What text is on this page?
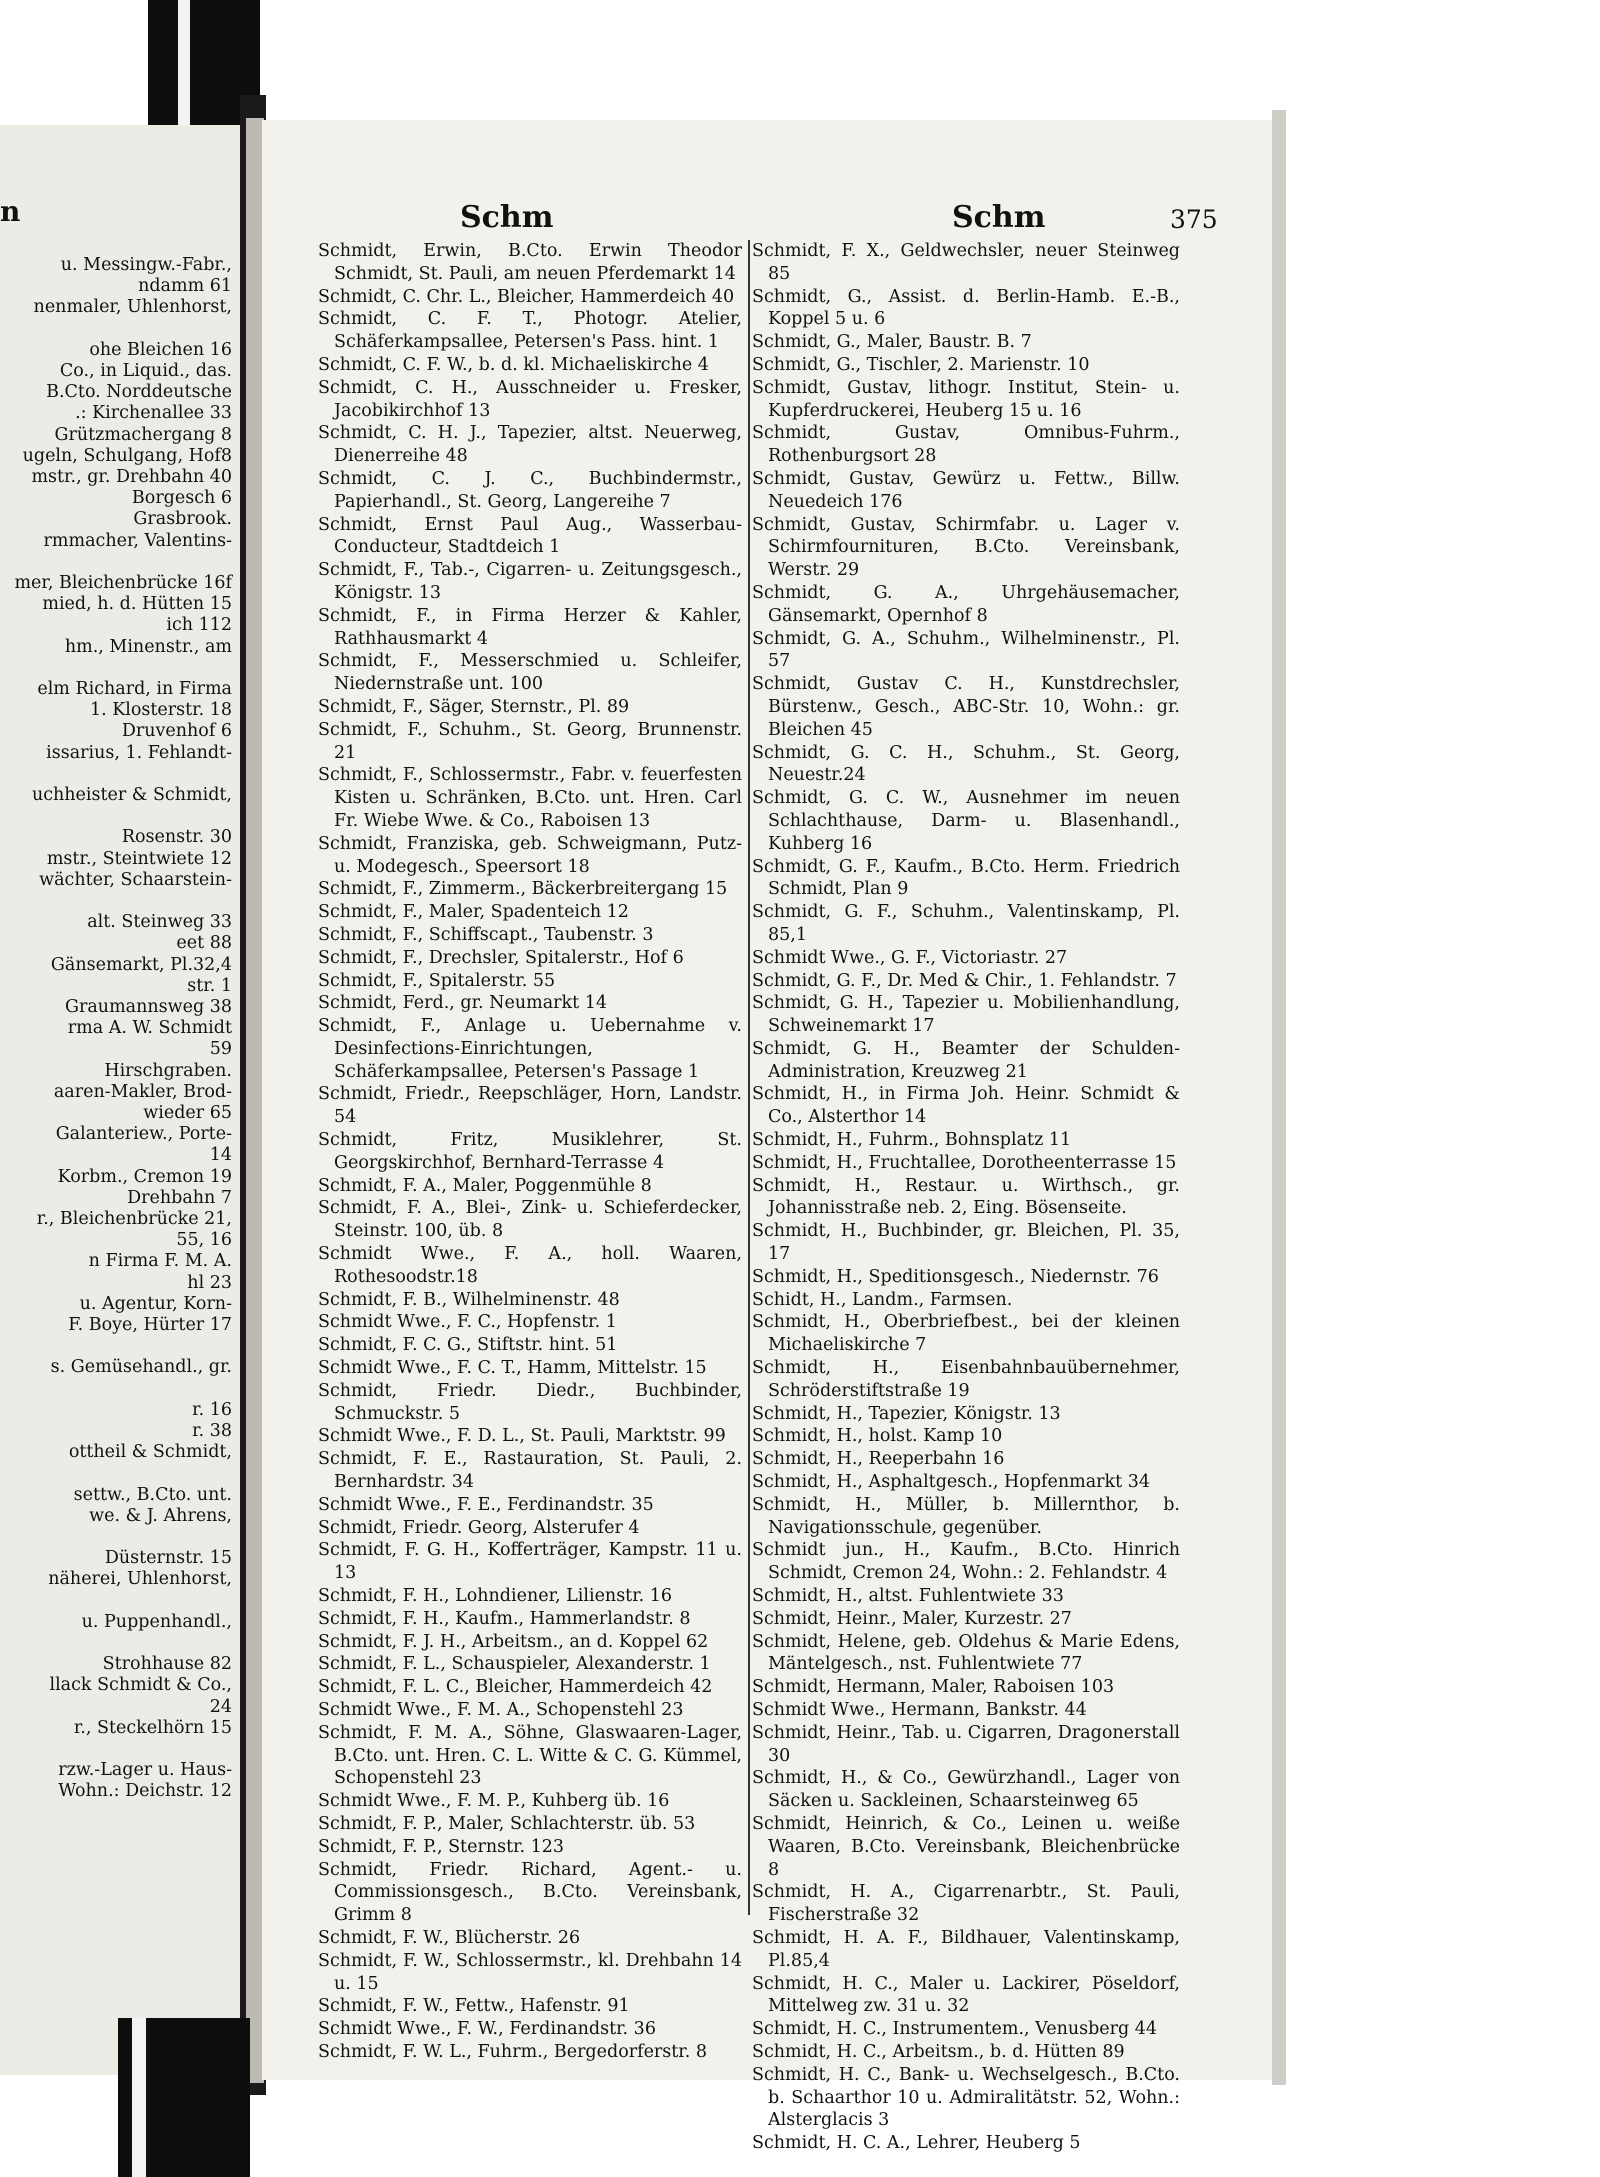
n
u. Messingw.-Fabr.,
ndamm 61
nenmaler, Uhlenhorst,
ohe Bleichen 16
Co., in Liquid., das.
B.Cto. Norddeutsche
.: Kirchenallee 33
Grützmachergang 8
ugeln, Schulgang, Hof8
mstr., gr. Drehbahn 40
Borgesch 6
Grasbrook.
rmmacher, Valentins-
mer, Bleichenbrücke 16f
mied, h. d. Hütten 15
ich 112
hm., Minenstr., am
elm Richard, in Firma
1. Klosterstr. 18
Druvenhof 6
issarius, 1. Fehlandt-
uchheister & Schmidt,
Rosenstr. 30
mstr., Steintwiete 12
wächter, Schaarstein-
alt. Steinweg 33
eet 88
Gänsemarkt, Pl.32,4
str. 1
Graumannsweg 38
rma A. W. Schmidt
59
Hirschgraben.
aaren-Makler, Brod-
wieder 65
Galanteriew., Porte-
14
Korbm., Cremon 19
Drehbahn 7
r., Bleichenbrücke 21,
55, 16
n Firma F. M. A.
hl 23
u. Agentur, Korn-
F. Boye, Hürter 17
s. Gemüsehandl., gr.
r. 16
r. 38
ottheil & Schmidt,
settw., B.Cto. unt.
we. & J. Ahrens,
Düsternstr. 15
näherei, Uhlenhorst,
u. Puppenhandl.,
Strohhause 82
llack Schmidt & Co.,
24
r., Steckelhörn 15
rzw.-Lager u. Haus-
Wohn.: Deichstr. 12
Schm	Schm	375

Schmidt, Erwin, B.Cto. Erwin Theodor Schmidt, St. Pauli, am neuen Pferdemarkt 14

Schmidt, C. Chr. L., Bleicher, Hammerdeich 40

Schmidt, C. F. T., Photogr. Atelier, Schäferkampsallee, Petersen's Pass. hint. 1

Schmidt, C. F. W., b. d. kl. Michaeliskirche 4

Schmidt, C. H., Ausschneider u. Fresker, Jacobikirchhof 13

Schmidt, C. H. J., Tapezier, altst. Neuerweg, Dienerreihe 48

Schmidt, C. J. C., Buchbindermstr., Papierhandl., St. Georg, Langereihe 7

Schmidt, Ernst Paul Aug., Wasserbau-Conducteur, Stadtdeich 1

Schmidt, F., Tab.-, Cigarren- u. Zeitungsgesch., Königstr. 13

Schmidt, F., in Firma Herzer & Kahler, Rathhausmarkt 4

Schmidt, F., Messerschmied u. Schleifer, Niedernstraße unt. 100

Schmidt, F., Säger, Sternstr., Pl. 89

Schmidt, F., Schuhm., St. Georg, Brunnenstr. 21

Schmidt, F., Schlossermstr., Fabr. v. feuerfesten Kisten u. Schränken, B.Cto. unt. Hren. Carl Fr. Wiebe Wwe. & Co., Raboisen 13

Schmidt, Franziska, geb. Schweigmann, Putz- u. Modegesch., Speersort 18

Schmidt, F., Zimmerm., Bäckerbreitergang 15

Schmidt, F., Maler, Spadenteich 12

Schmidt, F., Schiffscapt., Taubenstr. 3

Schmidt, F., Drechsler, Spitalerstr., Hof 6

Schmidt, F., Spitalerstr. 55

Schmidt, Ferd., gr. Neumarkt 14

Schmidt, F., Anlage u. Uebernahme v. Desinfections-Einrichtungen, Schäferkampsallee, Petersen's Passage 1

Schmidt, Friedr., Reepschläger, Horn, Landstr. 54

Schmidt, Fritz, Musiklehrer, St. Georgskirchhof, Bernhard-Terrasse 4

Schmidt, F. A., Maler, Poggenmühle 8

Schmidt, F. A., Blei-, Zink- u. Schieferdecker, Steinstr. 100, üb. 8

Schmidt Wwe., F. A., holl. Waaren, Rothesoodstr.18

Schmidt, F. B., Wilhelminenstr. 48

Schmidt Wwe., F. C., Hopfenstr. 1

Schmidt, F. C. G., Stiftstr. hint. 51

Schmidt Wwe., F. C. T., Hamm, Mittelstr. 15

Schmidt, Friedr. Diedr., Buchbinder, Schmuckstr. 5

Schmidt Wwe., F. D. L., St. Pauli, Marktstr. 99

Schmidt, F. E., Rastauration, St. Pauli, 2. Bernhardstr. 34

Schmidt Wwe., F. E., Ferdinandstr. 35

Schmidt, Friedr. Georg, Alsterufer 4

Schmidt, F. G. H., Kofferträger, Kampstr. 11 u. 13

Schmidt, F. H., Lohndiener, Lilienstr. 16

Schmidt, F. H., Kaufm., Hammerlandstr. 8

Schmidt, F. J. H., Arbeitsm., an d. Koppel 62

Schmidt, F. L., Schauspieler, Alexanderstr. 1

Schmidt, F. L. C., Bleicher, Hammerdeich 42

Schmidt Wwe., F. M. A., Schopenstehl 23

Schmidt, F. M. A., Söhne, Glaswaaren-Lager, B.Cto. unt. Hren. C. L. Witte & C. G. Kümmel, Schopenstehl 23

Schmidt Wwe., F. M. P., Kuhberg üb. 16

Schmidt, F. P., Maler, Schlachterstr. üb. 53

Schmidt, F. P., Sternstr. 123

Schmidt, Friedr. Richard, Agent.- u. Commissionsgesch., B.Cto. Vereinsbank, Grimm 8

Schmidt, F. W., Blücherstr. 26

Schmidt, F. W., Schlossermstr., kl. Drehbahn 14 u. 15

Schmidt, F. W., Fettw., Hafenstr. 91

Schmidt Wwe., F. W., Ferdinandstr. 36

Schmidt, F. W. L., Fuhrm., Bergedorferstr. 8

Schmidt, F. X., Geldwechsler, neuer Steinweg 85

Schmidt, G., Assist. d. Berlin-Hamb. E.-B., Koppel 5 u. 6

Schmidt, G., Maler, Baustr. B. 7

Schmidt, G., Tischler, 2. Marienstr. 10

Schmidt, Gustav, lithogr. Institut, Stein- u. Kupferdruckerei, Heuberg 15 u. 16

Schmidt, Gustav, Omnibus-Fuhrm., Rothenburgsort 28

Schmidt, Gustav, Gewürz u. Fettw., Billw. Neuedeich 176

Schmidt, Gustav, Schirmfabr. u. Lager v. Schirmfournituren, B.Cto. Vereinsbank, Werstr. 29

Schmidt, G. A., Uhrgehäusemacher, Gänsemarkt, Opernhof 8

Schmidt, G. A., Schuhm., Wilhelminenstr., Pl. 57

Schmidt, Gustav C. H., Kunstdrechsler, Bürstenw., Gesch., ABC-Str. 10, Wohn.: gr. Bleichen 45

Schmidt, G. C. H., Schuhm., St. Georg, Neuestr.24

Schmidt, G. C. W., Ausnehmer im neuen Schlachthause, Darm- u. Blasenhandl., Kuhberg 16

Schmidt, G. F., Kaufm., B.Cto. Herm. Friedrich Schmidt, Plan 9

Schmidt, G. F., Schuhm., Valentinskamp, Pl. 85,1

Schmidt Wwe., G. F., Victoriastr. 27

Schmidt, G. F., Dr. Med & Chir., 1. Fehlandstr. 7

Schmidt, G. H., Tapezier u. Mobilienhandlung, Schweinemarkt 17

Schmidt, G. H., Beamter der Schulden-Administration, Kreuzweg 21

Schmidt, H., in Firma Joh. Heinr. Schmidt & Co., Alsterthor 14

Schmidt, H., Fuhrm., Bohnsplatz 11

Schmidt, H., Fruchtallee, Dorotheenterrasse 15

Schmidt, H., Restaur. u. Wirthsch., gr. Johannisstraße neb. 2, Eing. Bösenseite.

Schmidt, H., Buchbinder, gr. Bleichen, Pl. 35, 17

Schmidt, H., Speditionsgesch., Niedernstr. 76

Schidt, H., Landm., Farmsen.

Schmidt, H., Oberbriefbest., bei der kleinen Michaeliskirche 7

Schmidt, H., Eisenbahnbauübernehmer, Schröderstiftstraße 19

Schmidt, H., Tapezier, Königstr. 13

Schmidt, H., holst. Kamp 10

Schmidt, H., Reeperbahn 16

Schmidt, H., Asphaltgesch., Hopfenmarkt 34

Schmidt, H., Müller, b. Millernthor, b. Navigationsschule, gegenüber.

Schmidt jun., H., Kaufm., B.Cto. Hinrich Schmidt, Cremon 24, Wohn.: 2. Fehlandstr. 4

Schmidt, H., altst. Fuhlentwiete 33

Schmidt, Heinr., Maler, Kurzestr. 27

Schmidt, Helene, geb. Oldehus & Marie Edens, Mäntelgesch., nst. Fuhlentwiete 77

Schmidt, Hermann, Maler, Raboisen 103

Schmidt Wwe., Hermann, Bankstr. 44

Schmidt, Heinr., Tab. u. Cigarren, Dragonerstall 30

Schmidt, H., & Co., Gewürzhandl., Lager von Säcken u. Sackleinen, Schaarsteinweg 65

Schmidt, Heinrich, & Co., Leinen u. weiße Waaren, B.Cto. Vereinsbank, Bleichenbrücke 8

Schmidt, H. A., Cigarrenarbtr., St. Pauli, Fischerstraße 32

Schmidt, H. A. F., Bildhauer, Valentinskamp, Pl.85,4

Schmidt, H. C., Maler u. Lackirer, Pöseldorf, Mittelweg zw. 31 u. 32

Schmidt, H. C., Instrumentem., Venusberg 44

Schmidt, H. C., Arbeitsm., b. d. Hütten 89

Schmidt, H. C., Bank- u. Wechselgesch., B.Cto. b. Schaarthor 10 u. Admiralitätstr. 52, Wohn.: Alsterglacis 3

Schmidt, H. C. A., Lehrer, Heuberg 5
